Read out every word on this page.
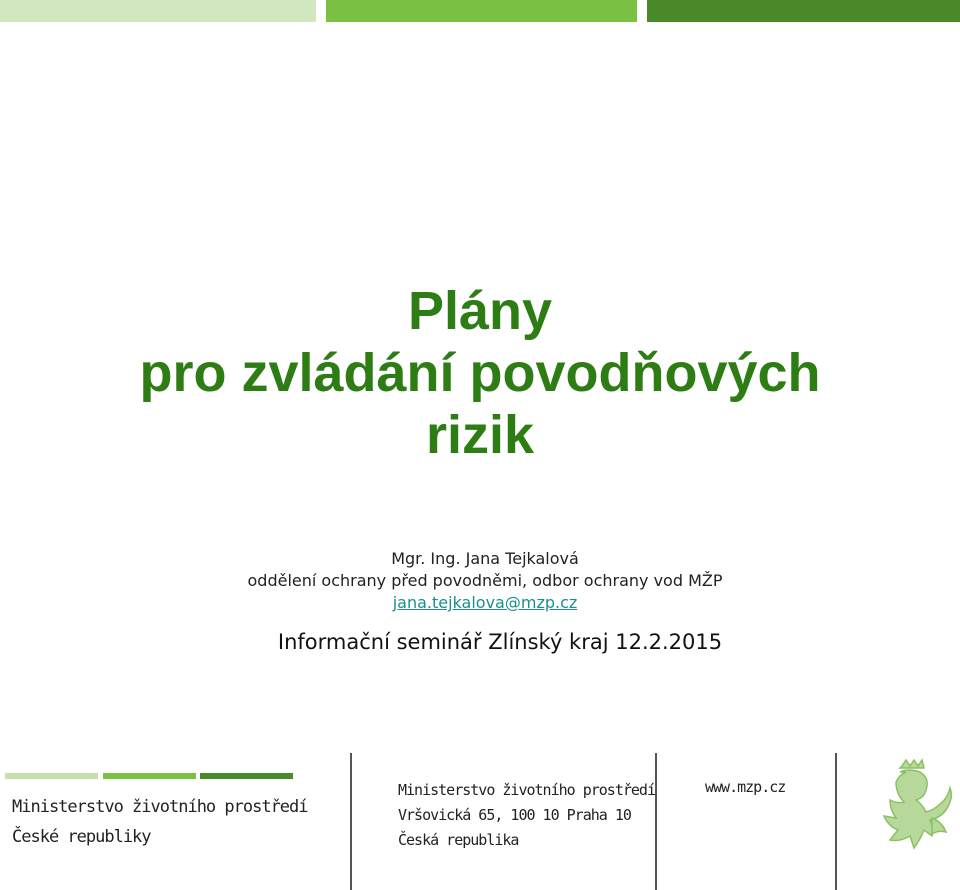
Plány
pro zvládání povodňových
rizik
Mgr. Ing. Jana Tejkalová
oddělení ochrany před povodněmi, odbor ochrany vod MŽP
jana.tejkalova@mzp.cz
Informační seminář Zlínský kraj 12.2.2015
Ministerstvo životního prostředí
České republiky
Ministerstvo životního prostředí
Vršovická 65, 100 10 Praha 10
Česká republika
www.mzp.cz
